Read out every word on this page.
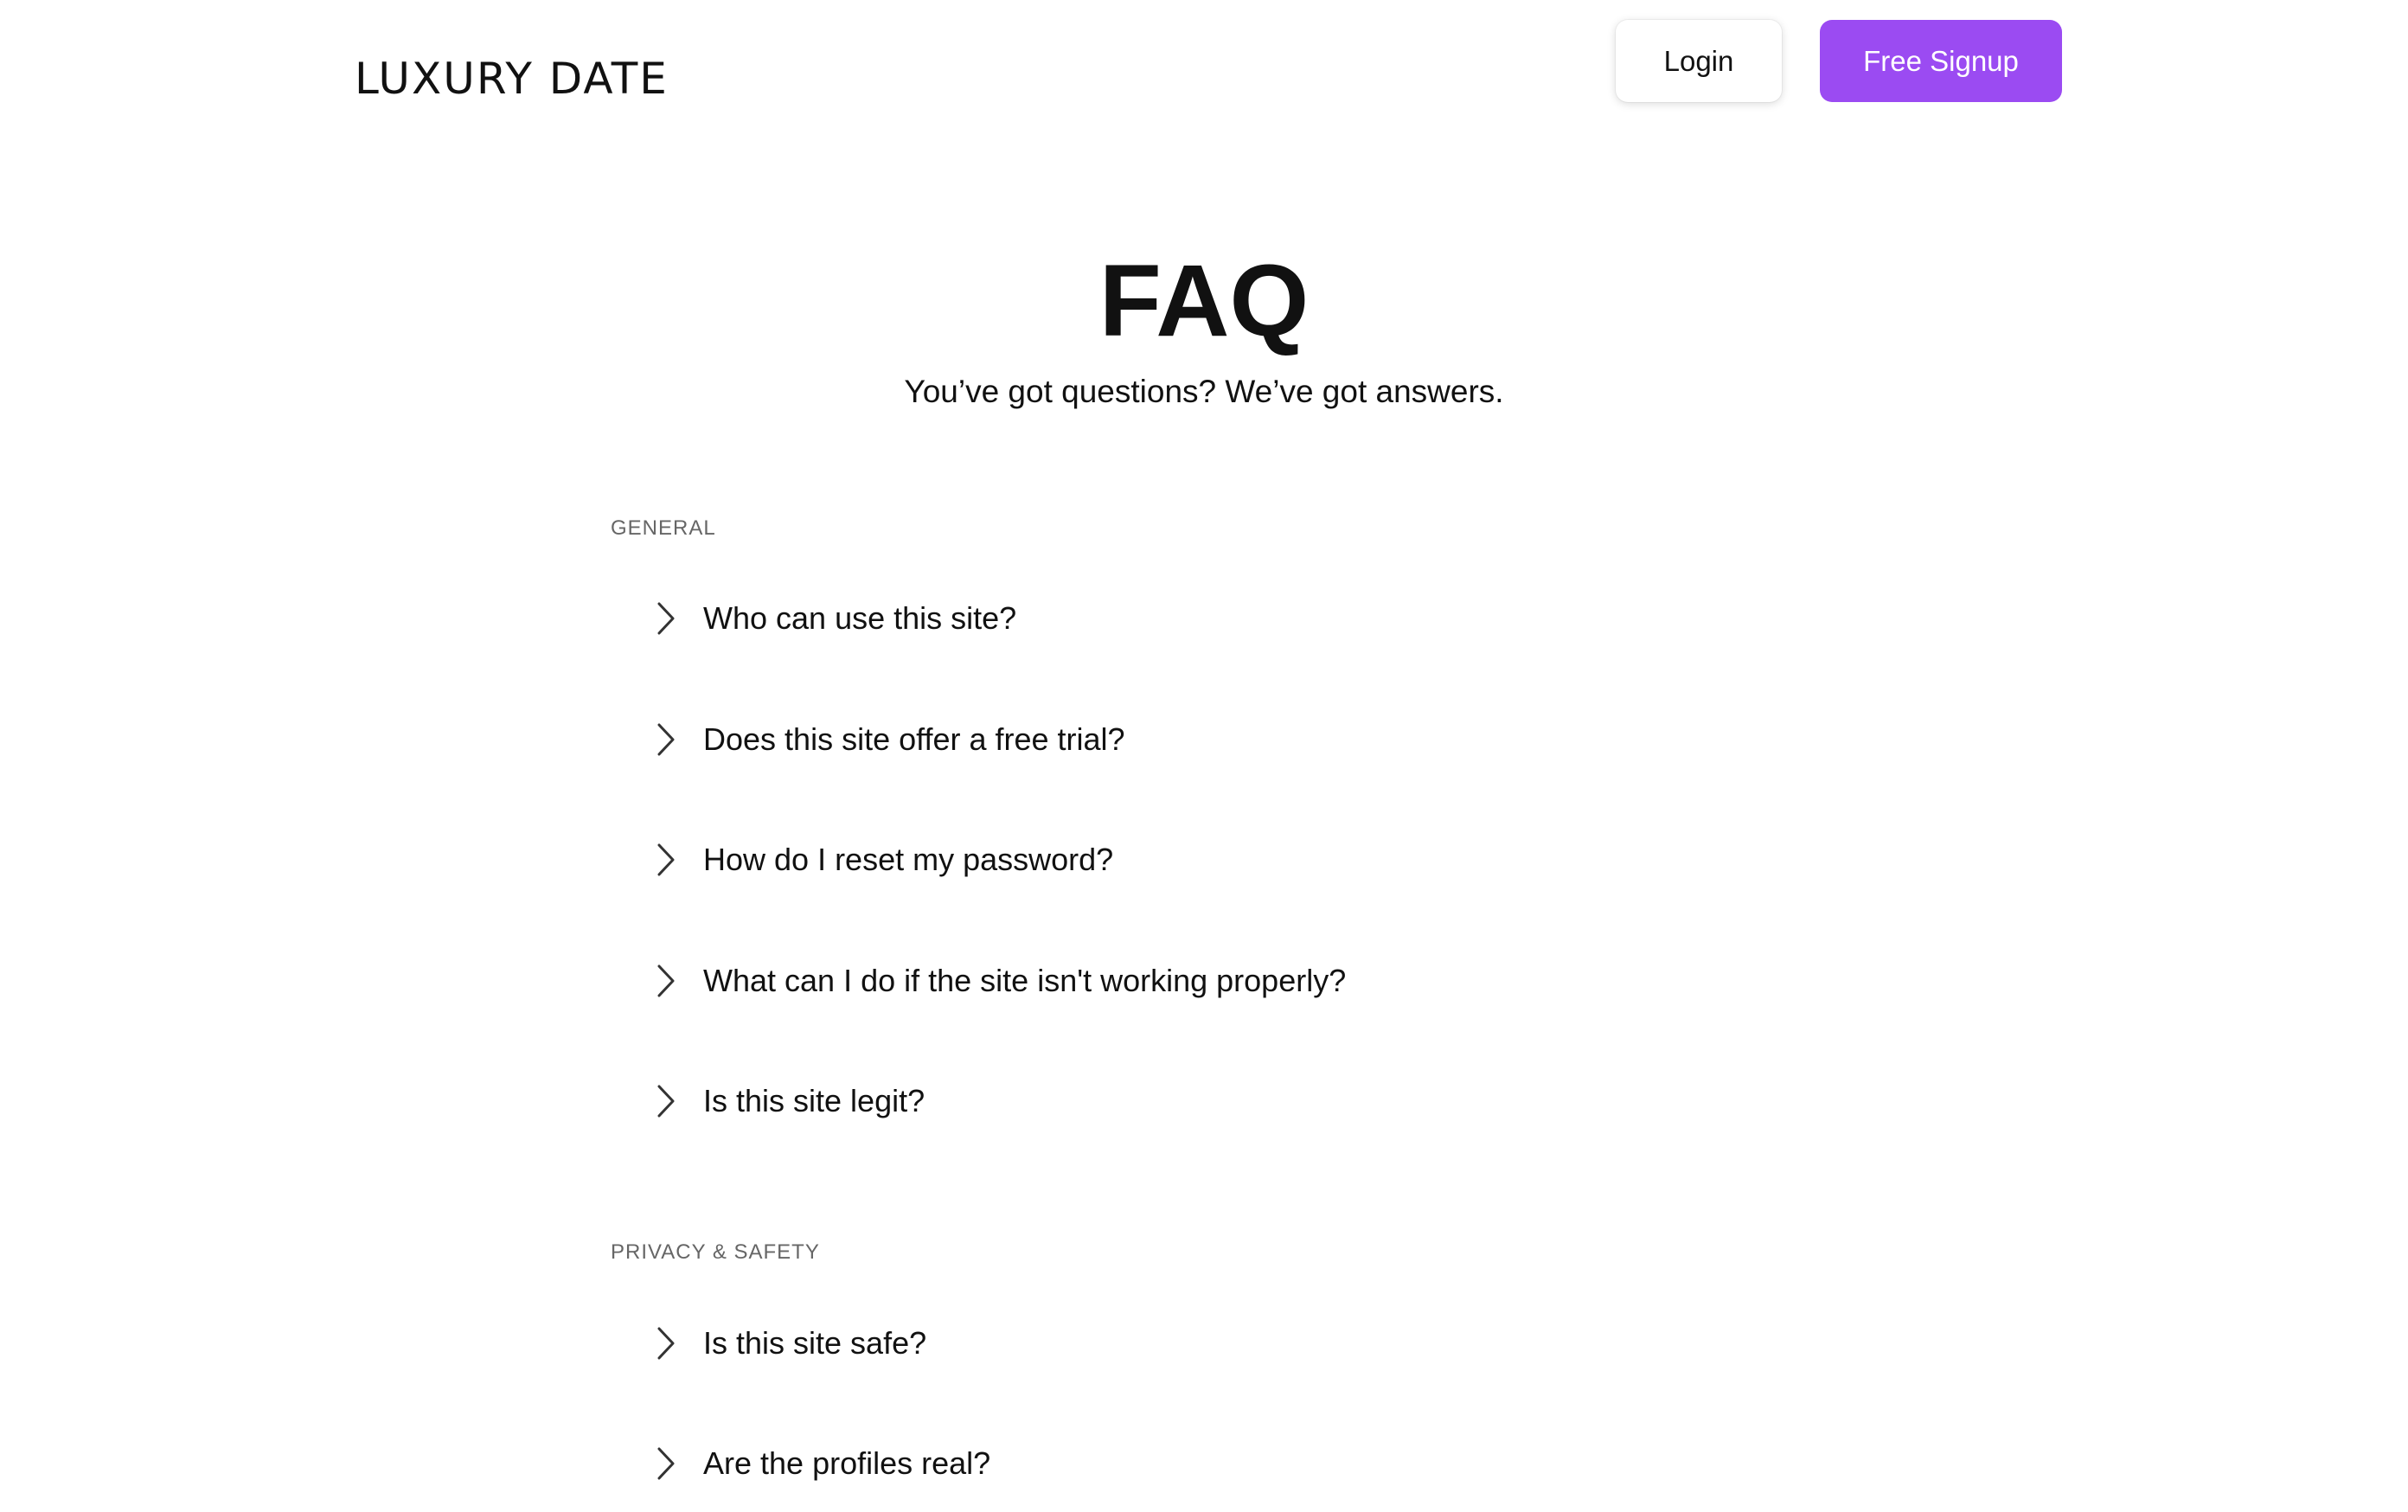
LUXURY DATE	Login	Free Signup
FAQ
You’ve got questions? We’ve got answers.
GENERAL
Who can use this site?
Does this site offer a free trial?
How do I reset my password?
What can I do if the site isn't working properly?
Is this site legit?
PRIVACY & SAFETY
Is this site safe?
Are the profiles real?
